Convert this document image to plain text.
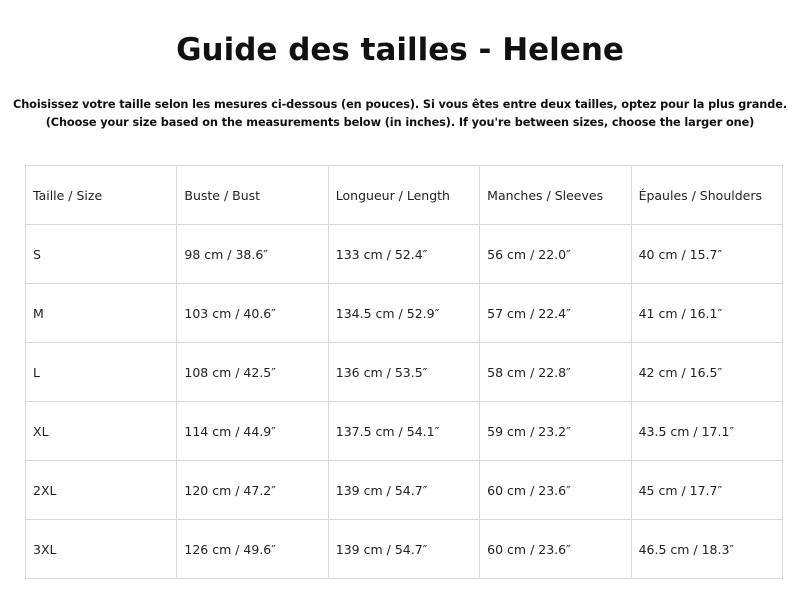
Guide des tailles - Helene
Choisissez votre taille selon les mesures ci-dessous (en pouces). Si vous êtes entre deux tailles, optez pour la plus grande.
(Choose your size based on the measurements below (in inches). If you're between sizes, choose the larger one)
Taille / Size	Buste / Bust	Longueur / Length	Manches / Sleeves	Épaules / Shoulders
S	98 cm / 38.6″	133 cm / 52.4″	56 cm / 22.0″	40 cm / 15.7″
M	103 cm / 40.6″	134.5 cm / 52.9″	57 cm / 22.4″	41 cm / 16.1″
L	108 cm / 42.5″	136 cm / 53.5″	58 cm / 22.8″	42 cm / 16.5″
XL	114 cm / 44.9″	137.5 cm / 54.1″	59 cm / 23.2″	43.5 cm / 17.1″
2XL	120 cm / 47.2″	139 cm / 54.7″	60 cm / 23.6″	45 cm / 17.7″
3XL	126 cm / 49.6″	139 cm / 54.7″	60 cm / 23.6″	46.5 cm / 18.3″
